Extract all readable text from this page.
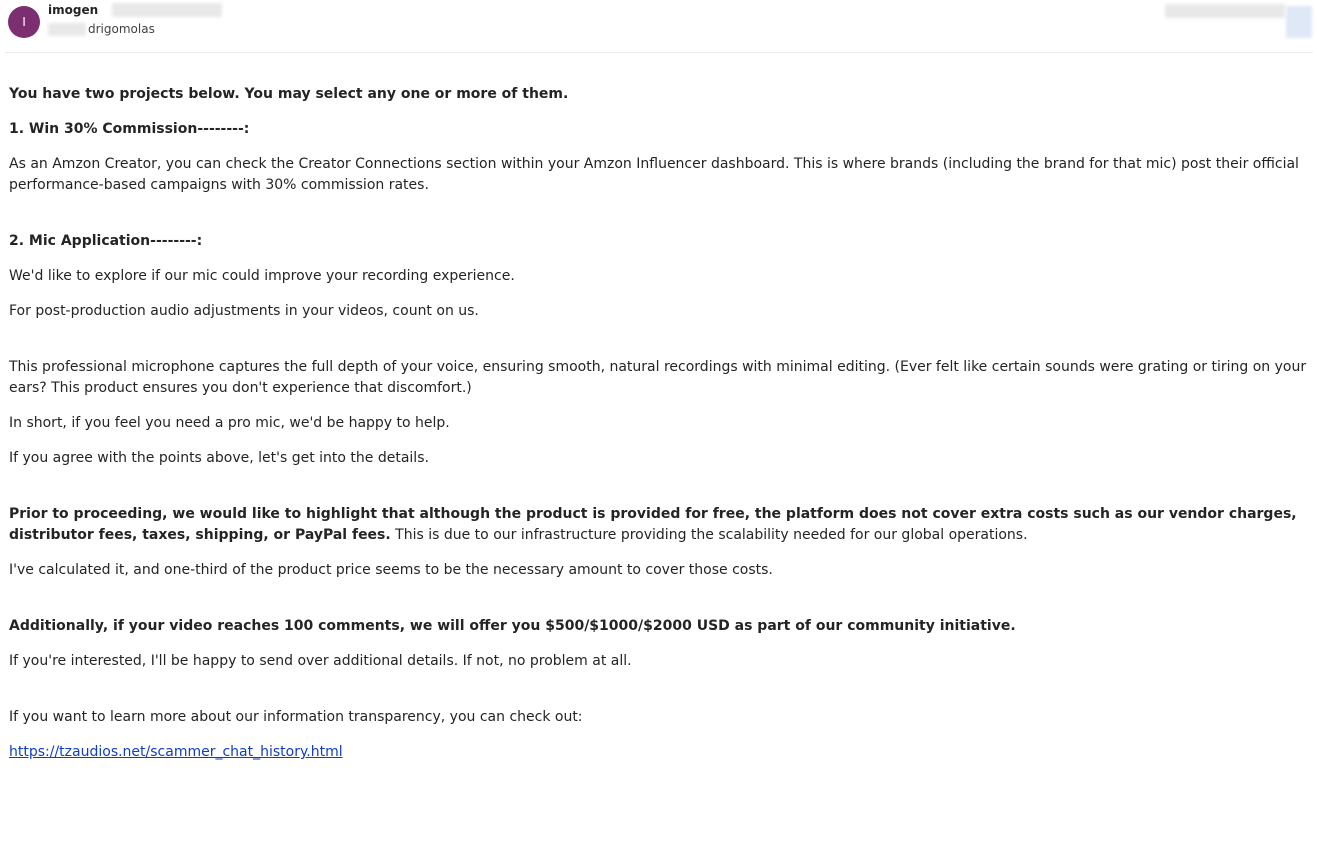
I
imogen
drigomolas

You have two projects below. You may select any one or more of them.

1. Win 30% Commission--------:

As an Amzon Creator, you can check the Creator Connections section within your Amzon Influencer dashboard. This is where brands (including the brand for that mic) post their official performance-based campaigns with 30% commission rates.

2. Mic Application--------:

We'd like to explore if our mic could improve your recording experience.

For post-production audio adjustments in your videos, count on us.

This professional microphone captures the full depth of your voice, ensuring smooth, natural recordings with minimal editing. (Ever felt like certain sounds were grating or tiring on your ears? This product ensures you don't experience that discomfort.)

In short, if you feel you need a pro mic, we'd be happy to help.

If you agree with the points above, let's get into the details.

Prior to proceeding, we would like to highlight that although the product is provided for free, the platform does not cover extra costs such as our vendor charges, distributor fees, taxes, shipping, or PayPal fees. This is due to our infrastructure providing the scalability needed for our global operations.

I've calculated it, and one-third of the product price seems to be the necessary amount to cover those costs.

Additionally, if your video reaches 100 comments, we will offer you $500/$1000/$2000 USD as part of our community initiative.

If you're interested, I'll be happy to send over additional details. If not, no problem at all.

If you want to learn more about our information transparency, you can check out:

https://tzaudios.net/scammer_chat_history.html
